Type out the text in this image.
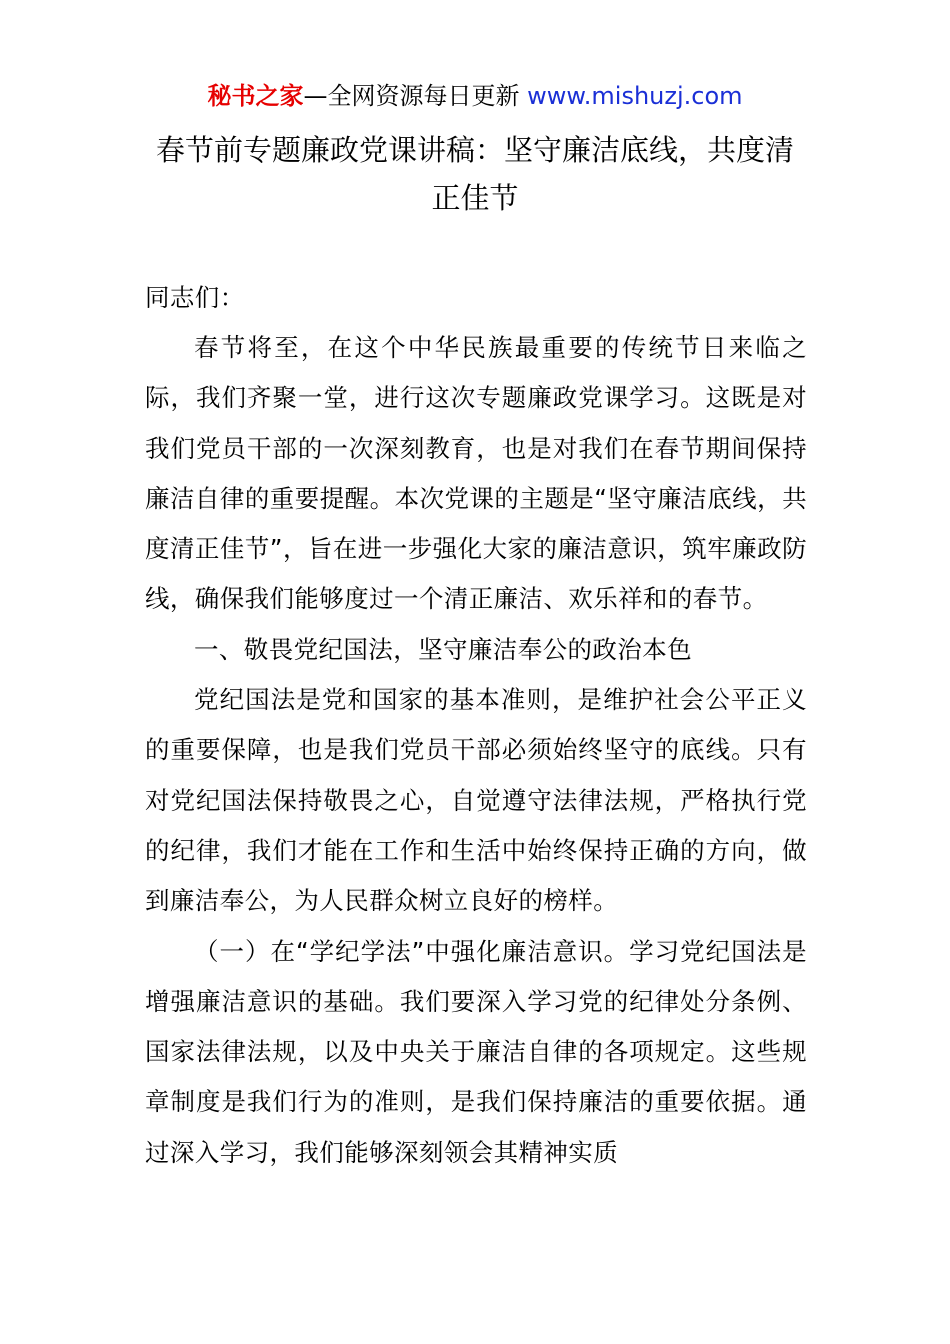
秘书之家—全网资源每日更新 www.mishuzj.com
春节前专题廉政党课讲稿：坚守廉洁底线，共度清正佳节
同志们：

春节将至，在这个中华民族最重要的传统节日来临之际，我们齐聚一堂，进行这次专题廉政党课学习。这既是对我们党员干部的一次深刻教育，也是对我们在春节期间保持廉洁自律的重要提醒。本次党课的主题是“坚守廉洁底线，共度清正佳节”，旨在进一步强化大家的廉洁意识，筑牢廉政防线，确保我们能够度过一个清正廉洁、欢乐祥和的春节。

一、敬畏党纪国法，坚守廉洁奉公的政治本色

党纪国法是党和国家的基本准则，是维护社会公平正义的重要保障，也是我们党员干部必须始终坚守的底线。只有对党纪国法保持敬畏之心，自觉遵守法律法规，严格执行党的纪律，我们才能在工作和生活中始终保持正确的方向，做到廉洁奉公，为人民群众树立良好的榜样。

（一）在“学纪学法”中强化廉洁意识。学习党纪国法是增强廉洁意识的基础。我们要深入学习党的纪律处分条例、国家法律法规，以及中央关于廉洁自律的各项规定。这些规章制度是我们行为的准则，是我们保持廉洁的重要依据。通过深入学习，我们能够深刻领会其精神实质
